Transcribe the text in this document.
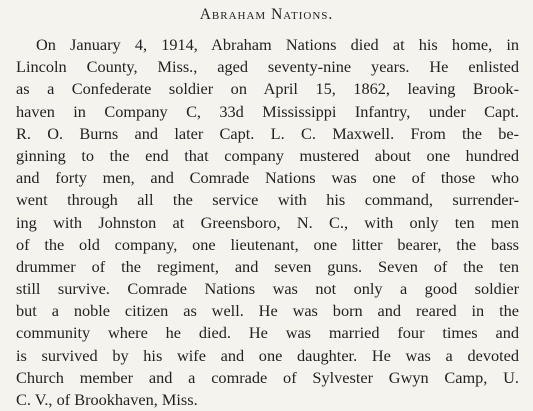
Abraham Nations.
On January 4, 1914, Abraham Nations died at his home, in
Lincoln County, Miss., aged seventy-nine years. He enlisted
as a Confederate soldier on April 15, 1862, leaving Brook-
haven in Company C, 33d Mississippi Infantry, under Capt.
R. O. Burns and later Capt. L. C. Maxwell. From the be-
ginning to the end that company mustered about one hundred
and forty men, and Comrade Nations was one of those who
went through all the service with his command, surrender-
ing with Johnston at Greensboro, N. C., with only ten men
of the old company, one lieutenant, one litter bearer, the bass
drummer of the regiment, and seven guns. Seven of the ten
still survive. Comrade Nations was not only a good soldier
but a noble citizen as well. He was born and reared in the
community where he died. He was married four times and
is survived by his wife and one daughter. He was a devoted
Church member and a comrade of Sylvester Gwyn Camp, U.
C. V., of Brookhaven, Miss.
